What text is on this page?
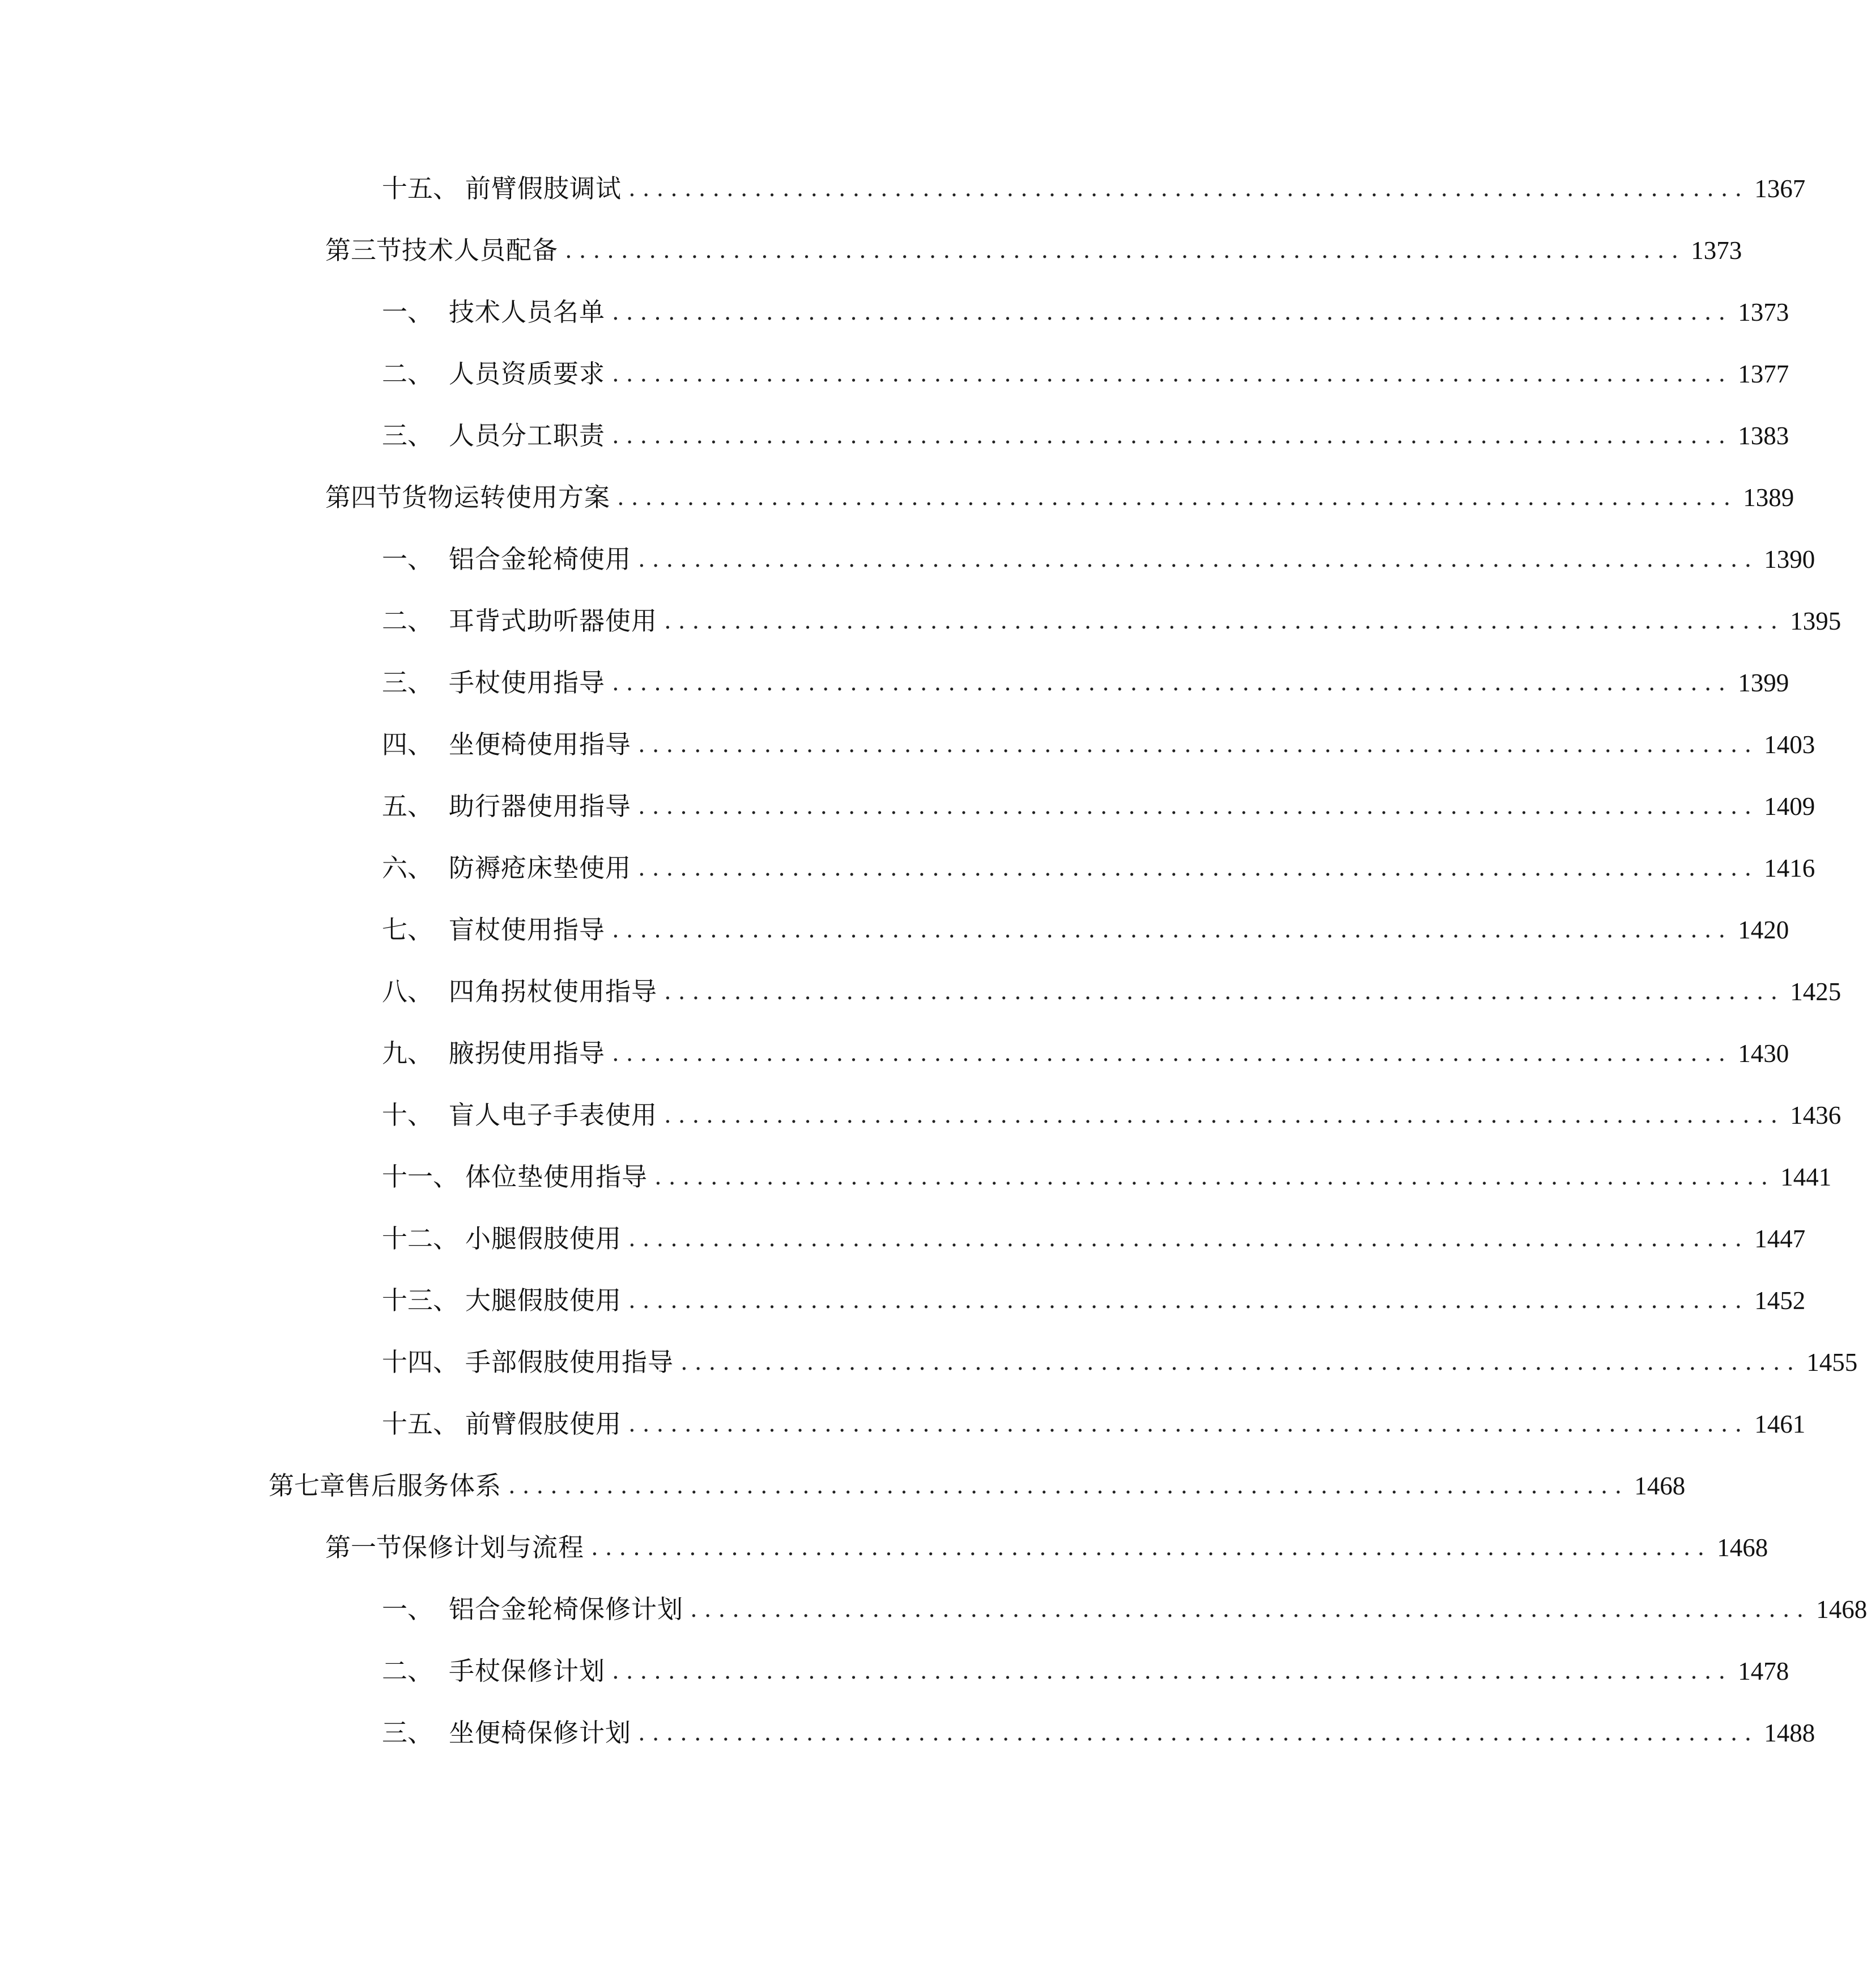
十五、 前臂假肢调试 ................................................................................ 1367
第三节 技术人员配备 ................................................................................ 1373
一、 技术人员名单 ................................................................................ 1373
二、 人员资质要求 ................................................................................ 1377
三、 人员分工职责 ................................................................................ 1383
第四节 货物运转使用方案 ................................................................................ 1389
一、 铝合金轮椅使用 ................................................................................ 1390
二、 耳背式助听器使用 ................................................................................ 1395
三、 手杖使用指导 ................................................................................ 1399
四、 坐便椅使用指导 ................................................................................ 1403
五、 助行器使用指导 ................................................................................ 1409
六、 防褥疮床垫使用 ................................................................................ 1416
七、 盲杖使用指导 ................................................................................ 1420
八、 四角拐杖使用指导 ................................................................................ 1425
九、 腋拐使用指导 ................................................................................ 1430
十、 盲人电子手表使用 ................................................................................ 1436
十一、 体位垫使用指导 ................................................................................ 1441
十二、 小腿假肢使用 ................................................................................ 1447
十三、 大腿假肢使用 ................................................................................ 1452
十四、 手部假肢使用指导 ................................................................................ 1455
十五、 前臂假肢使用 ................................................................................ 1461
第七章 售后服务体系 ................................................................................ 1468
第一节 保修计划与流程 ................................................................................ 1468
一、 铝合金轮椅保修计划 ................................................................................ 1468
二、 手杖保修计划 ................................................................................ 1478
三、 坐便椅保修计划 ................................................................................ 1488
